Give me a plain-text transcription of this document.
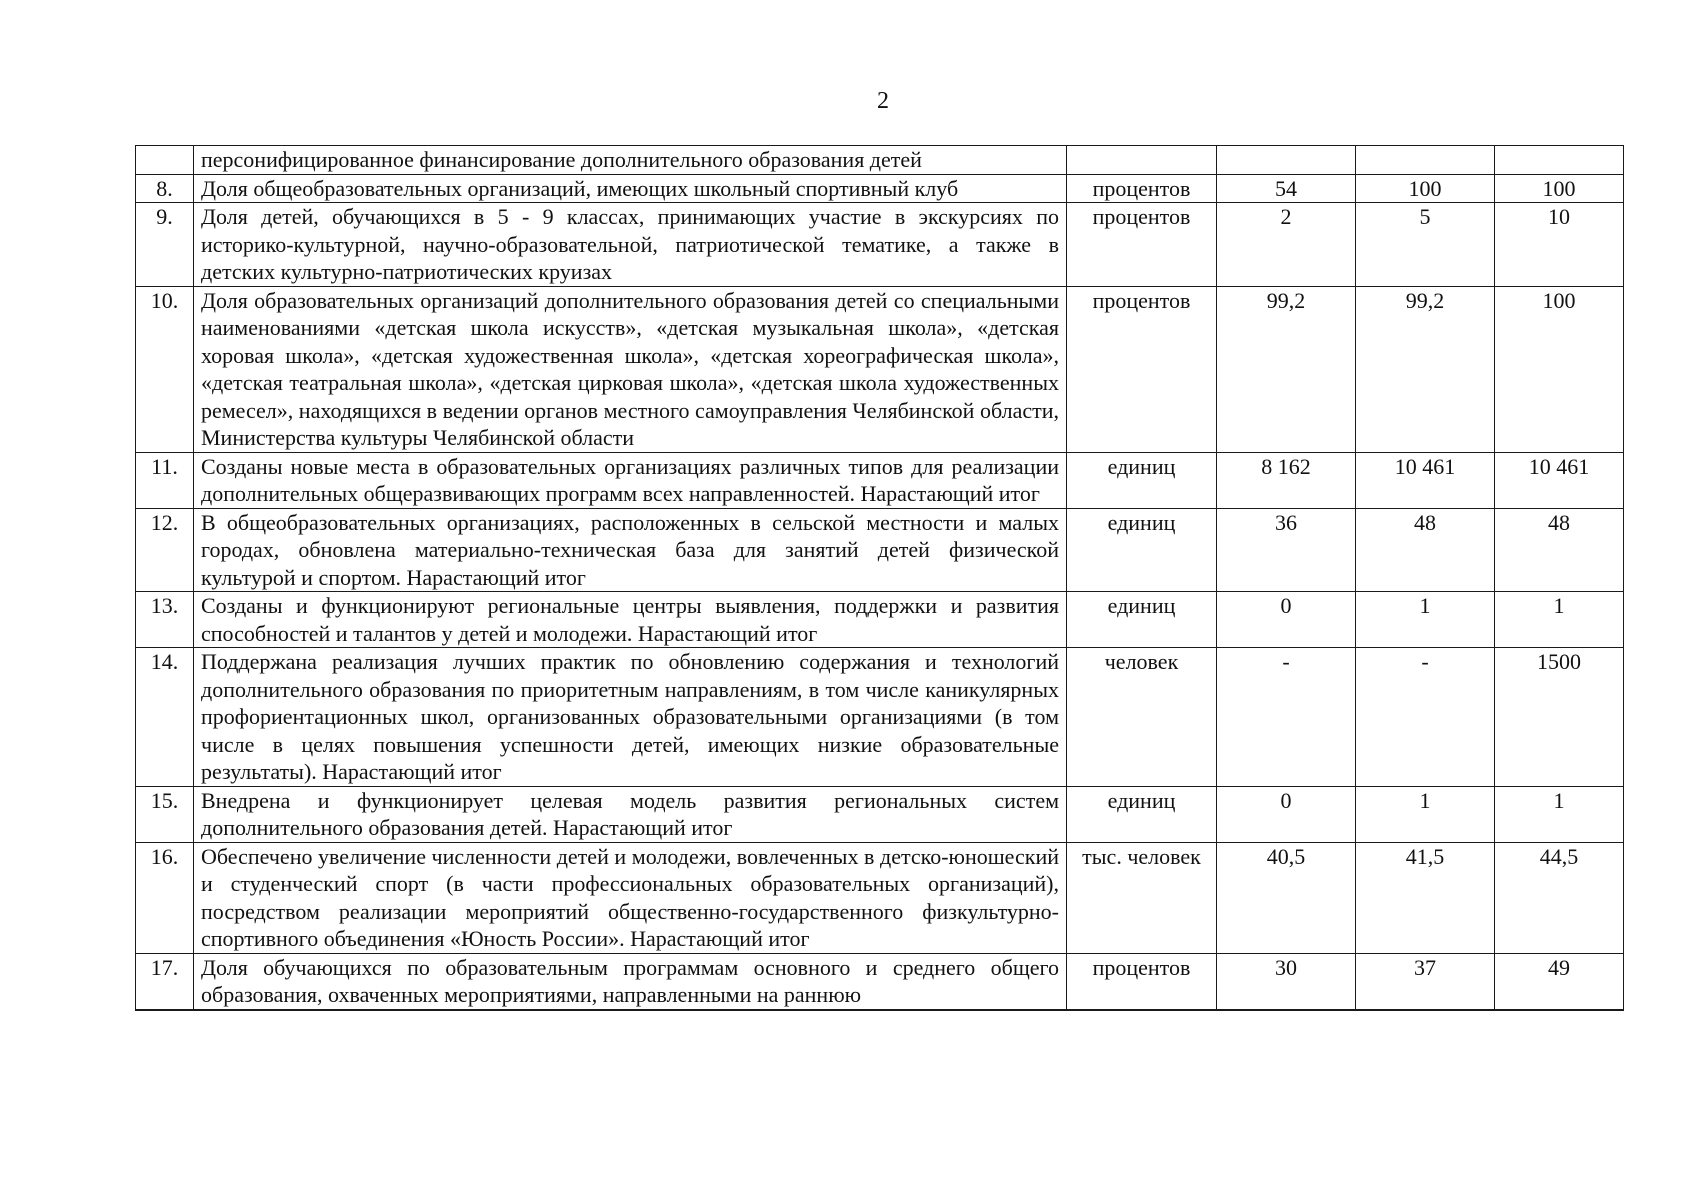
2
	персонифицированное финансирование дополнительного образования детей				
8.	Доля общеобразовательных организаций, имеющих школьный спортивный клуб	процентов	54	100	100
9.	Доля детей, обучающихся в 5 - 9 классах, принимающих участие в экскурсиях по историко-культурной, научно-образовательной, патриотической тематике, а также в детских культурно-патриотических круизах	процентов	2	5	10
10.	Доля образовательных организаций дополнительного образования детей со специальными наименованиями «детская школа искусств», «детская музыкальная школа», «детская хоровая школа», «детская художественная школа», «детская хореографическая школа», «детская театральная школа», «детская цирковая школа», «детская школа художественных ремесел», находящихся в ведении органов местного самоуправления Челябинской области, Министерства культуры Челябинской области	процентов	99,2	99,2	100
11.	Созданы новые места в образовательных организациях различных типов для реализации дополнительных общеразвивающих программ всех направленностей. Нарастающий итог	единиц	8 162	10 461	10 461
12.	В общеобразовательных организациях, расположенных в сельской местности и малых городах, обновлена материально-техническая база для занятий детей физической культурой и спортом. Нарастающий итог	единиц	36	48	48
13.	Созданы и функционируют региональные центры выявления, поддержки и развития способностей и талантов у детей и молодежи. Нарастающий итог	единиц	0	1	1
14.	Поддержана реализация лучших практик по обновлению содержания и технологий дополнительного образования по приоритетным направлениям, в том числе каникулярных профориентационных школ, организованных образовательными организациями (в том числе в целях повышения успешности детей, имеющих низкие образовательные результаты). Нарастающий итог	человек	-	-	1500
15.	Внедрена и функционирует целевая модель развития региональных систем дополнительного образования детей. Нарастающий итог	единиц	0	1	1
16.	Обеспечено увеличение численности детей и молодежи, вовлеченных в детско-юношеский и студенческий спорт (в части профессиональных образовательных организаций), посредством реализации мероприятий общественно-государственного физкультурно-спортивного объединения «Юность России». Нарастающий итог	тыс. человек	40,5	41,5	44,5
17.	Доля обучающихся по образовательным программам основного и среднего общего образования, охваченных мероприятиями, направленными на раннюю	процентов	30	37	49
